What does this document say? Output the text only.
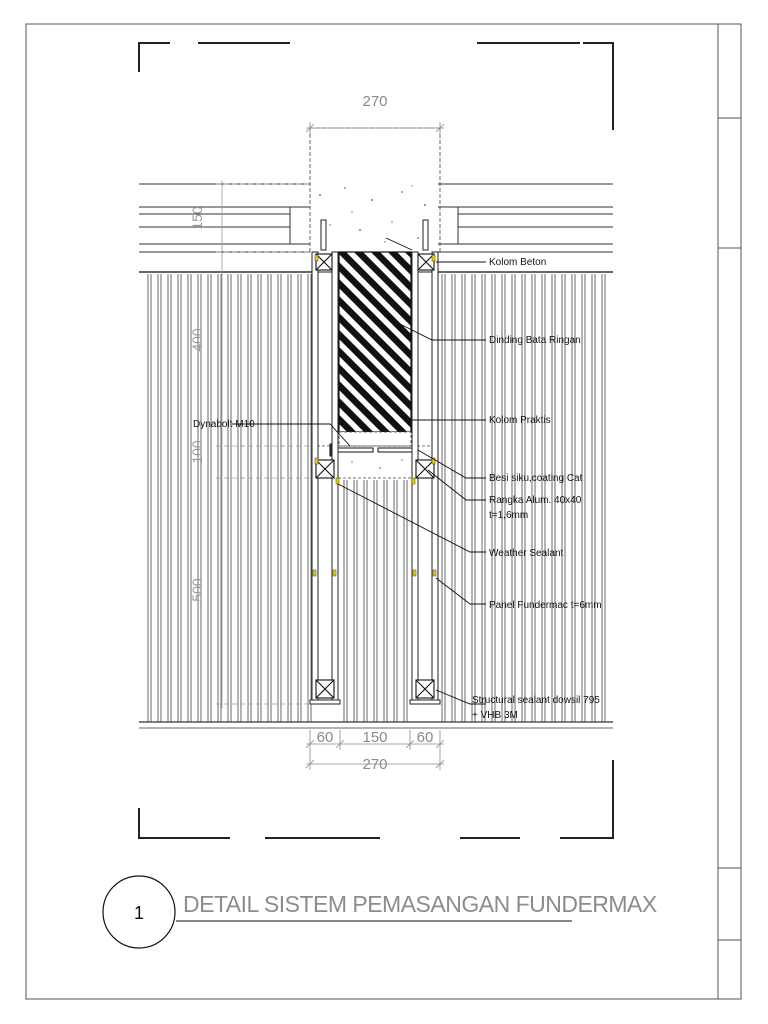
270
150
400
100
500
60 150 60
270
Kolom Beton
Dinding Bata Ringan
Kolom Praktis
Dynabolt M10
Besi siku,coating Cat
Rangka Alum. 40x40
t=1,6mm
Weather Sealant
Panel Fundermac t=6mm
Structural sealant dowsil 795
+ VHB 3M
1 DETAIL SISTEM PEMASANGAN FUNDERMAX
